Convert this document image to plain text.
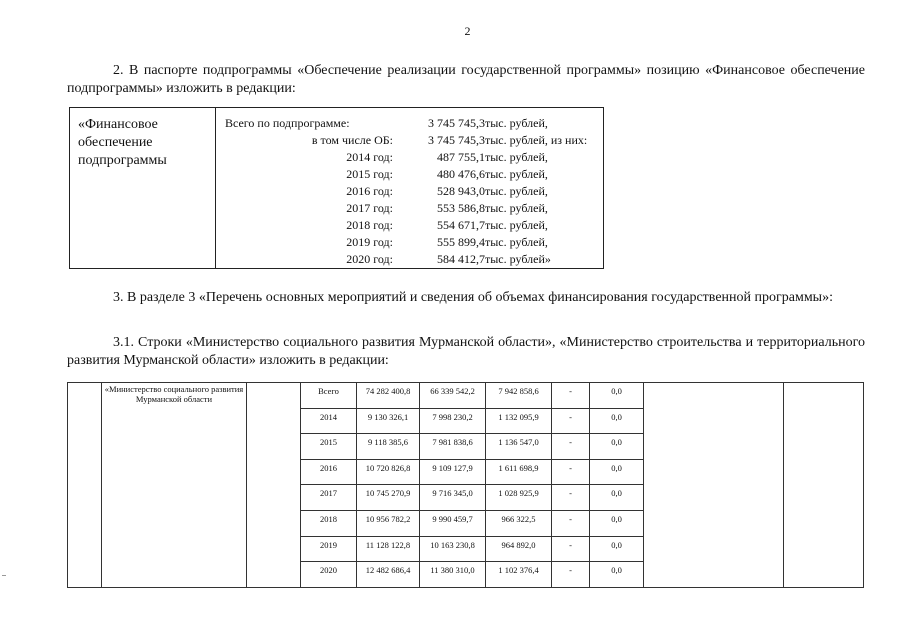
2
2. В паспорте подпрограммы «Обеспечение реализации государственной программы» позицию «Финансовое обеспечение подпрограммы» изложить в редакции:
«Финансовое обеспечение подпрограммы
Всего по подпрограмме:	3 745 745,3 тыс. рублей,
в том числе ОБ:	3 745 745,3 тыс. рублей, из них:
2014 год:	487 755,1 тыс. рублей,
2015 год:	480 476,6 тыс. рублей,
2016 год:	528 943,0 тыс. рублей,
2017 год:	553 586,8 тыс. рублей,
2018 год:	554 671,7 тыс. рублей,
2019 год:	555 899,4 тыс. рублей,
2020 год:	584 412,7 тыс. рублей»
3. В разделе 3 «Перечень основных мероприятий и сведения об объемах финансирования государственной программы»:
3.1. Строки «Министерство социального развития Мурманской области», «Министерство строительства и территориального развития Мурманской области» изложить в редакции:
	«Министерство социального развития Мурманской области		Всего	74 282 400,8	66 339 542,2	7 942 858,6	-	0,0		
			2014	9 130 326,1	7 998 230,2	1 132 095,9	-	0,0		
			2015	9 118 385,6	7 981 838,6	1 136 547,0	-	0,0		
			2016	10 720 826,8	9 109 127,9	1 611 698,9	-	0,0		
			2017	10 745 270,9	9 716 345,0	1 028 925,9	-	0,0		
			2018	10 956 782,2	9 990 459,7	966 322,5	-	0,0		
			2019	11 128 122,8	10 163 230,8	964 892,0	-	0,0		
			2020	12 482 686,4	11 380 310,0	1 102 376,4	-	0,0		
